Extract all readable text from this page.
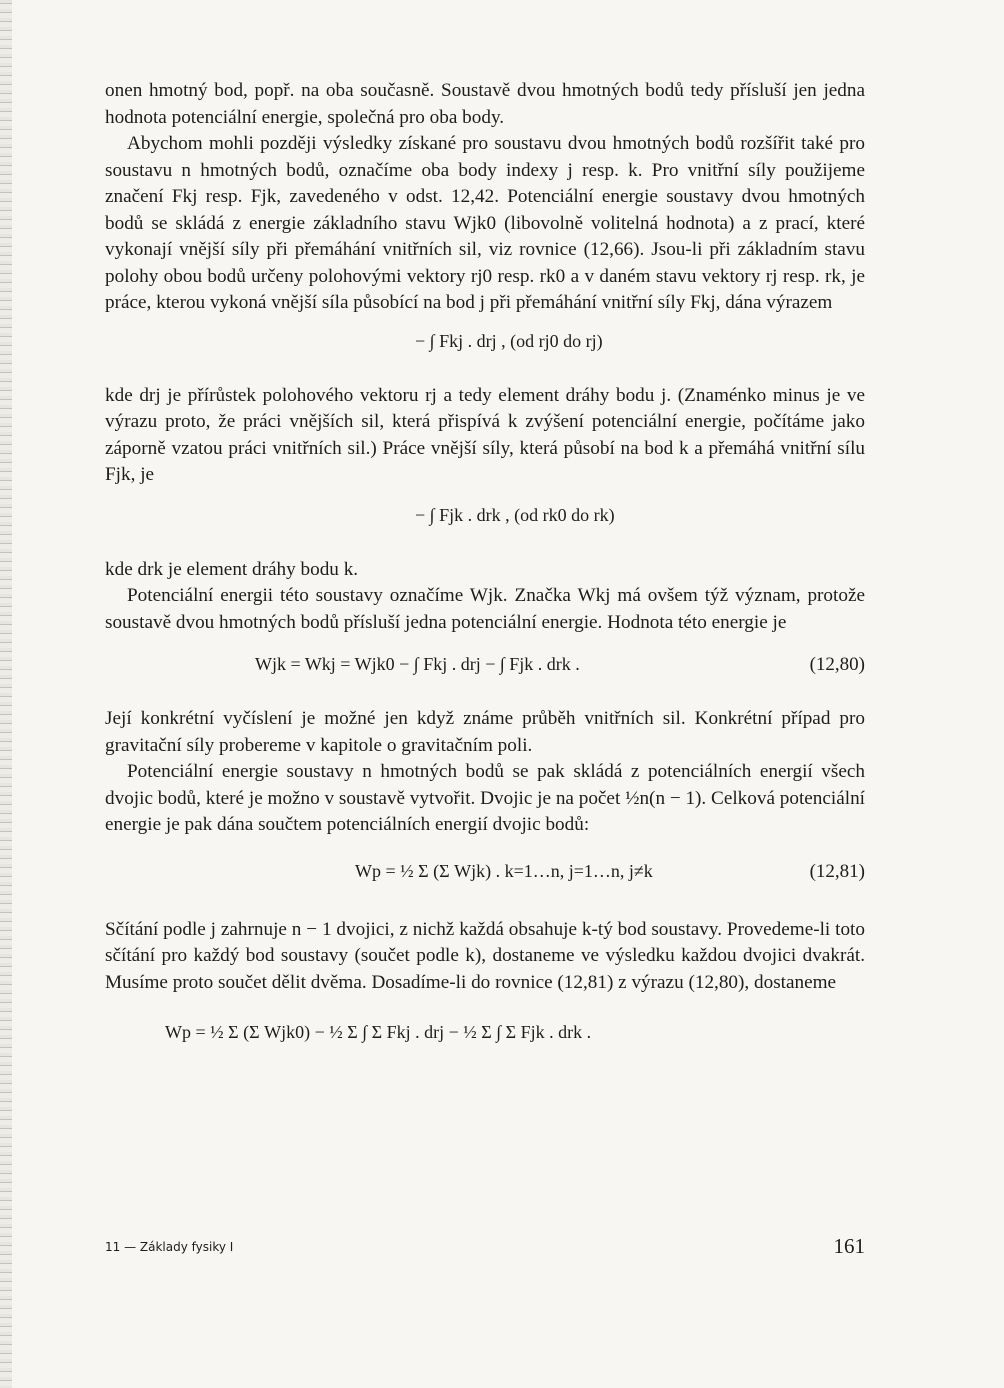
onen hmotný bod, popř. na oba současně. Soustavě dvou hmotných bodů tedy přísluší jen jedna hodnota potenciální energie, společná pro oba body.

Abychom mohli později výsledky získané pro soustavu dvou hmotných bodů rozšířit také pro soustavu n hmotných bodů, označíme oba body indexy j resp. k. Pro vnitřní síly použijeme značení Fkj resp. Fjk, zavedeného v odst. 12,42. Potenciální energie soustavy dvou hmotných bodů se skládá z energie základního stavu Wjk0 (libovolně volitelná hodnota) a z prací, které vykonají vnější síly při přemáhání vnitřních sil, viz rovnice (12,66). Jsou-li při základním stavu polohy obou bodů určeny polohovými vektory rj0 resp. rk0 a v daném stavu vektory rj resp. rk, je práce, kterou vykoná vnější síla působící na bod j při přemáhání vnitřní síly Fkj, dána výrazem

− ∫ Fkj . drj , (od rj0 do rj)

kde drj je přírůstek polohového vektoru rj a tedy element dráhy bodu j. (Znaménko minus je ve výrazu proto, že práci vnějších sil, která přispívá k zvýšení potenciální energie, počítáme jako záporně vzatou práci vnitřních sil.) Práce vnější síly, která působí na bod k a přemáhá vnitřní sílu Fjk, je

− ∫ Fjk . drk , (od rk0 do rk)

kde drk je element dráhy bodu k.

Potenciální energii této soustavy označíme Wjk. Značka Wkj má ovšem týž význam, protože soustavě dvou hmotných bodů přísluší jedna potenciální energie. Hodnota této energie je

Wjk = Wkj = Wjk0 − ∫ Fkj . drj − ∫ Fjk . drk .	(12,80)

Její konkrétní vyčíslení je možné jen když známe průběh vnitřních sil. Konkrétní případ pro gravitační síly probereme v kapitole o gravitačním poli.

Potenciální energie soustavy n hmotných bodů se pak skládá z potenciálních energií všech dvojic bodů, které je možno v soustavě vytvořit. Dvojic je na počet ½n(n − 1). Celková potenciální energie je pak dána součtem potenciálních energií dvojic bodů:

Wp = ½ Σ (Σ Wjk) . k=1…n, j=1…n, j≠k	(12,81)

Sčítání podle j zahrnuje n − 1 dvojici, z nichž každá obsahuje k-tý bod soustavy. Provedeme-li toto sčítání pro každý bod soustavy (součet podle k), dostaneme ve výsledku každou dvojici dvakrát. Musíme proto součet dělit dvěma. Dosadíme-li do rovnice (12,81) z výrazu (12,80), dostaneme

Wp = ½ Σ (Σ Wjk0) − ½ Σ ∫ Σ Fkj . drj − ½ Σ ∫ Σ Fjk . drk .
11 — Základy fysiky I	161
